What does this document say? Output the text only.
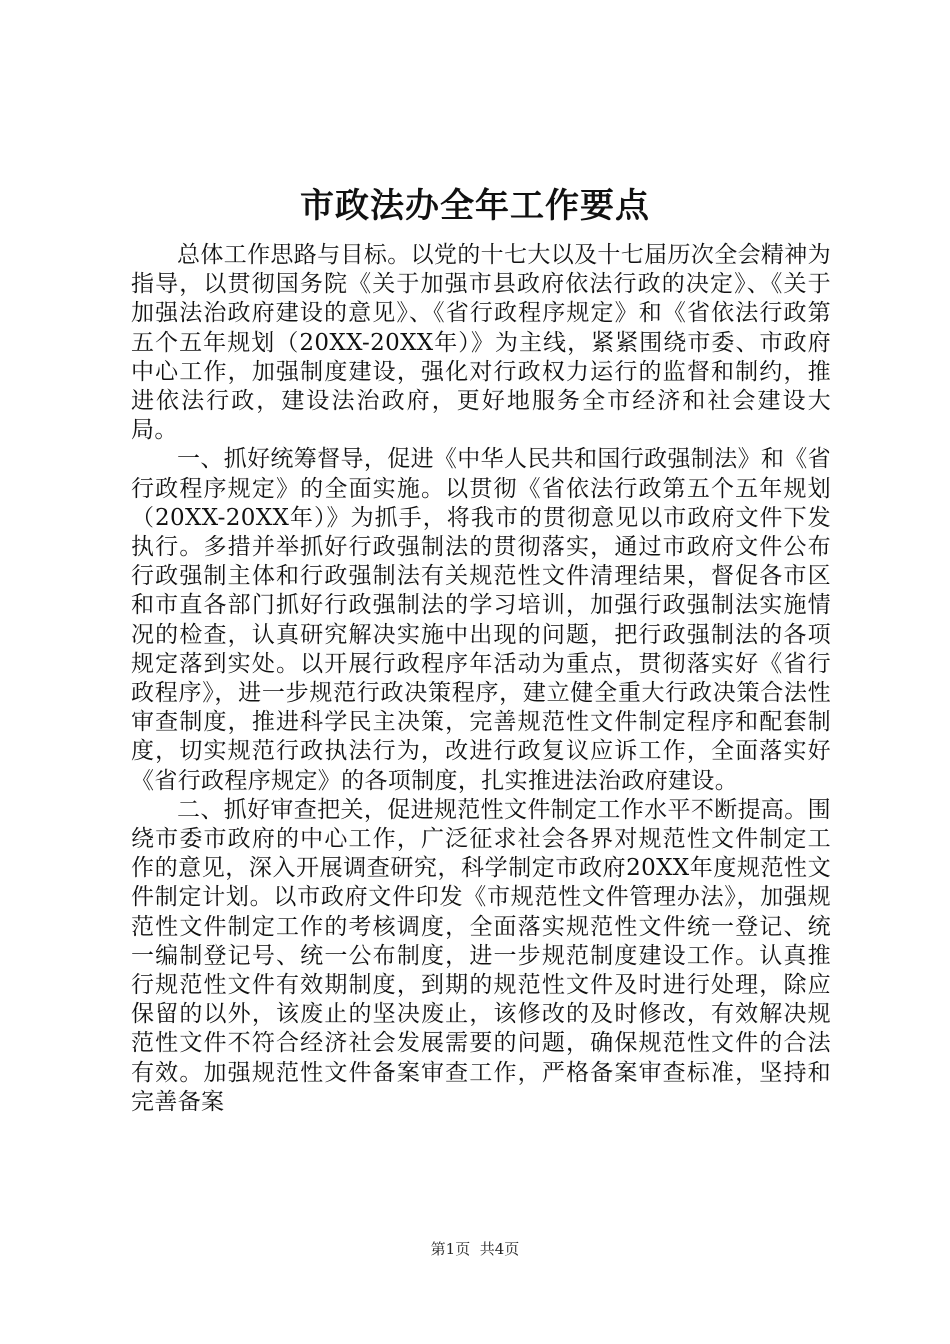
市政法办全年工作要点

总体工作思路与目标。以党的十七大以及十七届历次全会精神为指导，以贯彻国务院《关于加强市县政府依法行政的决定》、《关于加强法治政府建设的意见》、《省行政程序规定》和《省依法行政第五个五年规划（20XX-20XX年）》为主线，紧紧围绕市委、市政府中心工作，加强制度建设，强化对行政权力运行的监督和制约，推进依法行政，建设法治政府，更好地服务全市经济和社会建设大局。

一、抓好统筹督导，促进《中华人民共和国行政强制法》和《省行政程序规定》的全面实施。以贯彻《省依法行政第五个五年规划（20XX-20XX年）》为抓手，将我市的贯彻意见以市政府文件下发执行。多措并举抓好行政强制法的贯彻落实，通过市政府文件公布行政强制主体和行政强制法有关规范性文件清理结果，督促各市区和市直各部门抓好行政强制法的学习培训，加强行政强制法实施情况的检查，认真研究解决实施中出现的问题，把行政强制法的各项规定落到实处。以开展行政程序年活动为重点，贯彻落实好《省行政程序》，进一步规范行政决策程序，建立健全重大行政决策合法性审查制度，推进科学民主决策，完善规范性文件制定程序和配套制度，切实规范行政执法行为，改进行政复议应诉工作，全面落实好《省行政程序规定》的各项制度，扎实推进法治政府建设。

二、抓好审查把关，促进规范性文件制定工作水平不断提高。围绕市委市政府的中心工作，广泛征求社会各界对规范性文件制定工作的意见，深入开展调查研究，科学制定市政府20XX年度规范性文件制定计划。以市政府文件印发《市规范性文件管理办法》，加强规范性文件制定工作的考核调度，全面落实规范性文件统一登记、统一编制登记号、统一公布制度，进一步规范制度建设工作。认真推行规范性文件有效期制度，到期的规范性文件及时进行处理，除应保留的以外，该废止的坚决废止，该修改的及时修改，有效解决规范性文件不符合经济社会发展需要的问题，确保规范性文件的合法有效。加强规范性文件备案审查工作，严格备案审查标准，坚持和完善备案

第1页 共4页
